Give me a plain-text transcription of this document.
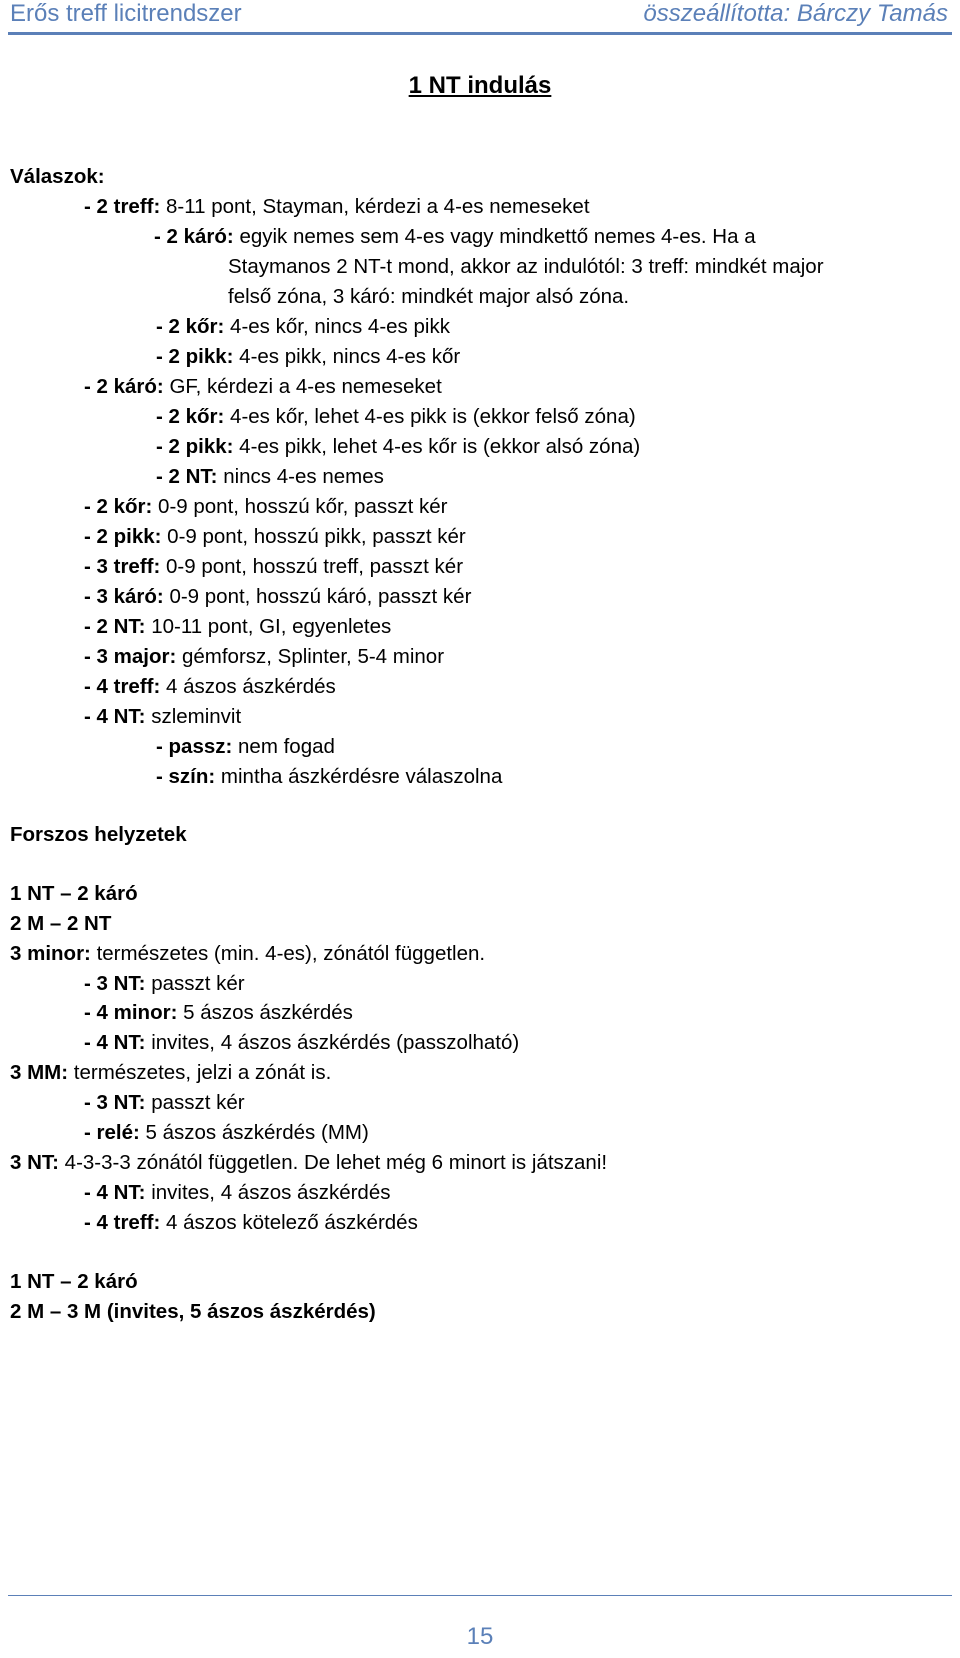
Erős treff licitrendszer	összeállította: Bárczy Tamás
1 NT indulás
Válaszok:
- 2 treff: 8-11 pont, Stayman, kérdezi a 4-es nemeseket
- 2 káró: egyik nemes sem 4-es vagy mindkettő nemes 4-es. Ha a
Staymanos 2 NT-t mond, akkor az indulótól: 3 treff: mindkét major
felső zóna, 3 káró: mindkét major alsó zóna.
- 2 kőr: 4-es kőr, nincs 4-es pikk
- 2 pikk: 4-es pikk, nincs 4-es kőr
- 2 káró: GF, kérdezi a 4-es nemeseket
- 2 kőr: 4-es kőr, lehet 4-es pikk is (ekkor felső zóna)
- 2 pikk: 4-es pikk, lehet 4-es kőr is (ekkor alsó zóna)
- 2 NT: nincs 4-es nemes
- 2 kőr: 0-9 pont, hosszú kőr, passzt kér
- 2 pikk: 0-9 pont, hosszú pikk, passzt kér
- 3 treff: 0-9 pont, hosszú treff, passzt kér
- 3 káró: 0-9 pont, hosszú káró, passzt kér
- 2 NT: 10-11 pont, GI, egyenletes
- 3 major: gémforsz, Splinter, 5-4 minor
- 4 treff: 4 ászos ászkérdés
- 4 NT: szleminvit
- passz: nem fogad
- szín: mintha ászkérdésre válaszolna
Forszos helyzetek
1 NT – 2 káró
2 M – 2 NT
3 minor: természetes (min. 4-es), zónától független.
- 3 NT: passzt kér
- 4 minor: 5 ászos ászkérdés
- 4 NT: invites, 4 ászos ászkérdés (passzolható)
3 MM: természetes, jelzi a zónát is.
- 3 NT: passzt kér
- relé: 5 ászos ászkérdés (MM)
3 NT: 4-3-3-3 zónától független. De lehet még 6 minort is játszani!
- 4 NT: invites, 4 ászos ászkérdés
- 4 treff: 4 ászos kötelező ászkérdés
1 NT – 2 káró
2 M – 3 M (invites, 5 ászos ászkérdés)
15
